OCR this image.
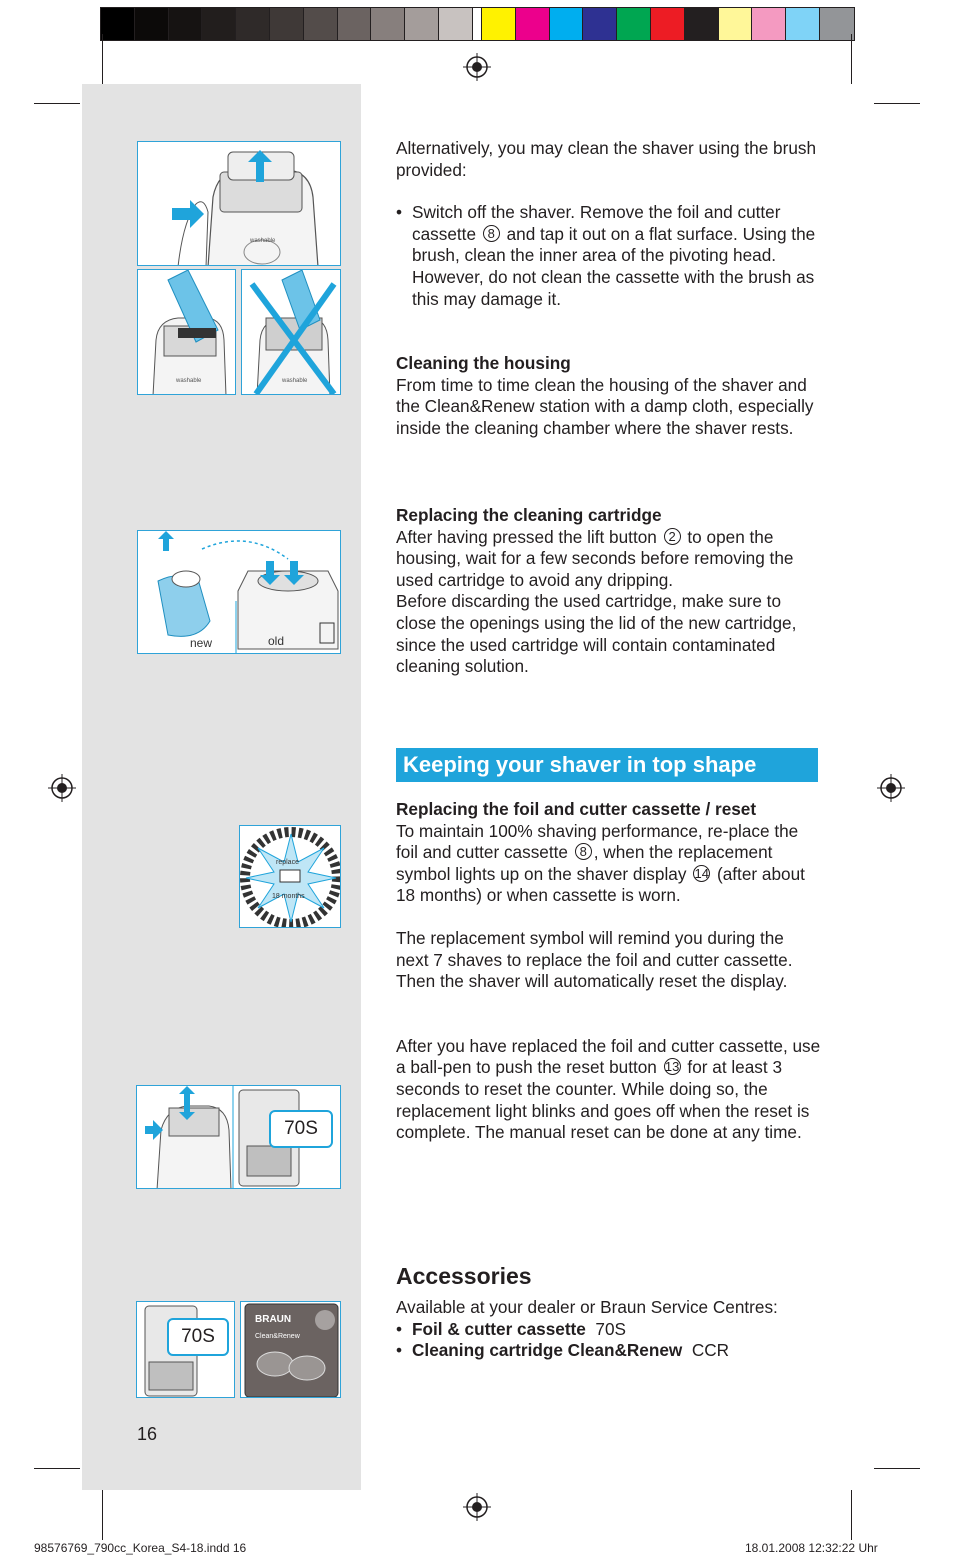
washable
washable	washable
new	old
replace
18 months
70S
70S
BRAUN
Clean&Renew

Alternatively, you may clean the shaver using the brush provided:

• Switch off the shaver. Remove the foil and cutter cassette 8 and tap it out on a flat surface. Using the brush, clean the inner area of the pivoting head. However, do not clean the cassette with the brush as this may damage it.

Cleaning the housing

From time to time clean the housing of the shaver and the Clean&Renew station with a damp cloth, especially inside the cleaning chamber where the shaver rests.

Replacing the cleaning cartridge

After having pressed the lift button 2 to open the housing, wait for a few seconds before removing the used cartridge to avoid any dripping.

Before discarding the used cartridge, make sure to close the openings using the lid of the new cartridge, since the used cartridge will contain contaminated cleaning solution.

Keeping your shaver in top shape

Replacing the foil and cutter cassette / reset

To maintain 100% shaving performance, re-place the foil and cutter cassette 8 , when the replacement symbol lights up on the shaver display 14 (after about 18 months) or when cassette is worn.

The replacement symbol will remind you during the next 7 shaves to replace the foil and cutter cassette. Then the shaver will automatically reset the display.

After you have replaced the foil and cutter cassette, use a ball-pen to push the reset button 13 for at least 3 seconds to reset the counter. While doing so, the replacement light blinks and goes off when the reset is complete. The manual reset can be done at any time.

Accessories

Available at your dealer or Braun Service Centres:

• Foil & cutter cassette 70S
• Cleaning cartridge Clean&Renew CCR
16
98576769_790cc_Korea_S4-18.indd 16	18.01.2008 12:32:22 Uhr
